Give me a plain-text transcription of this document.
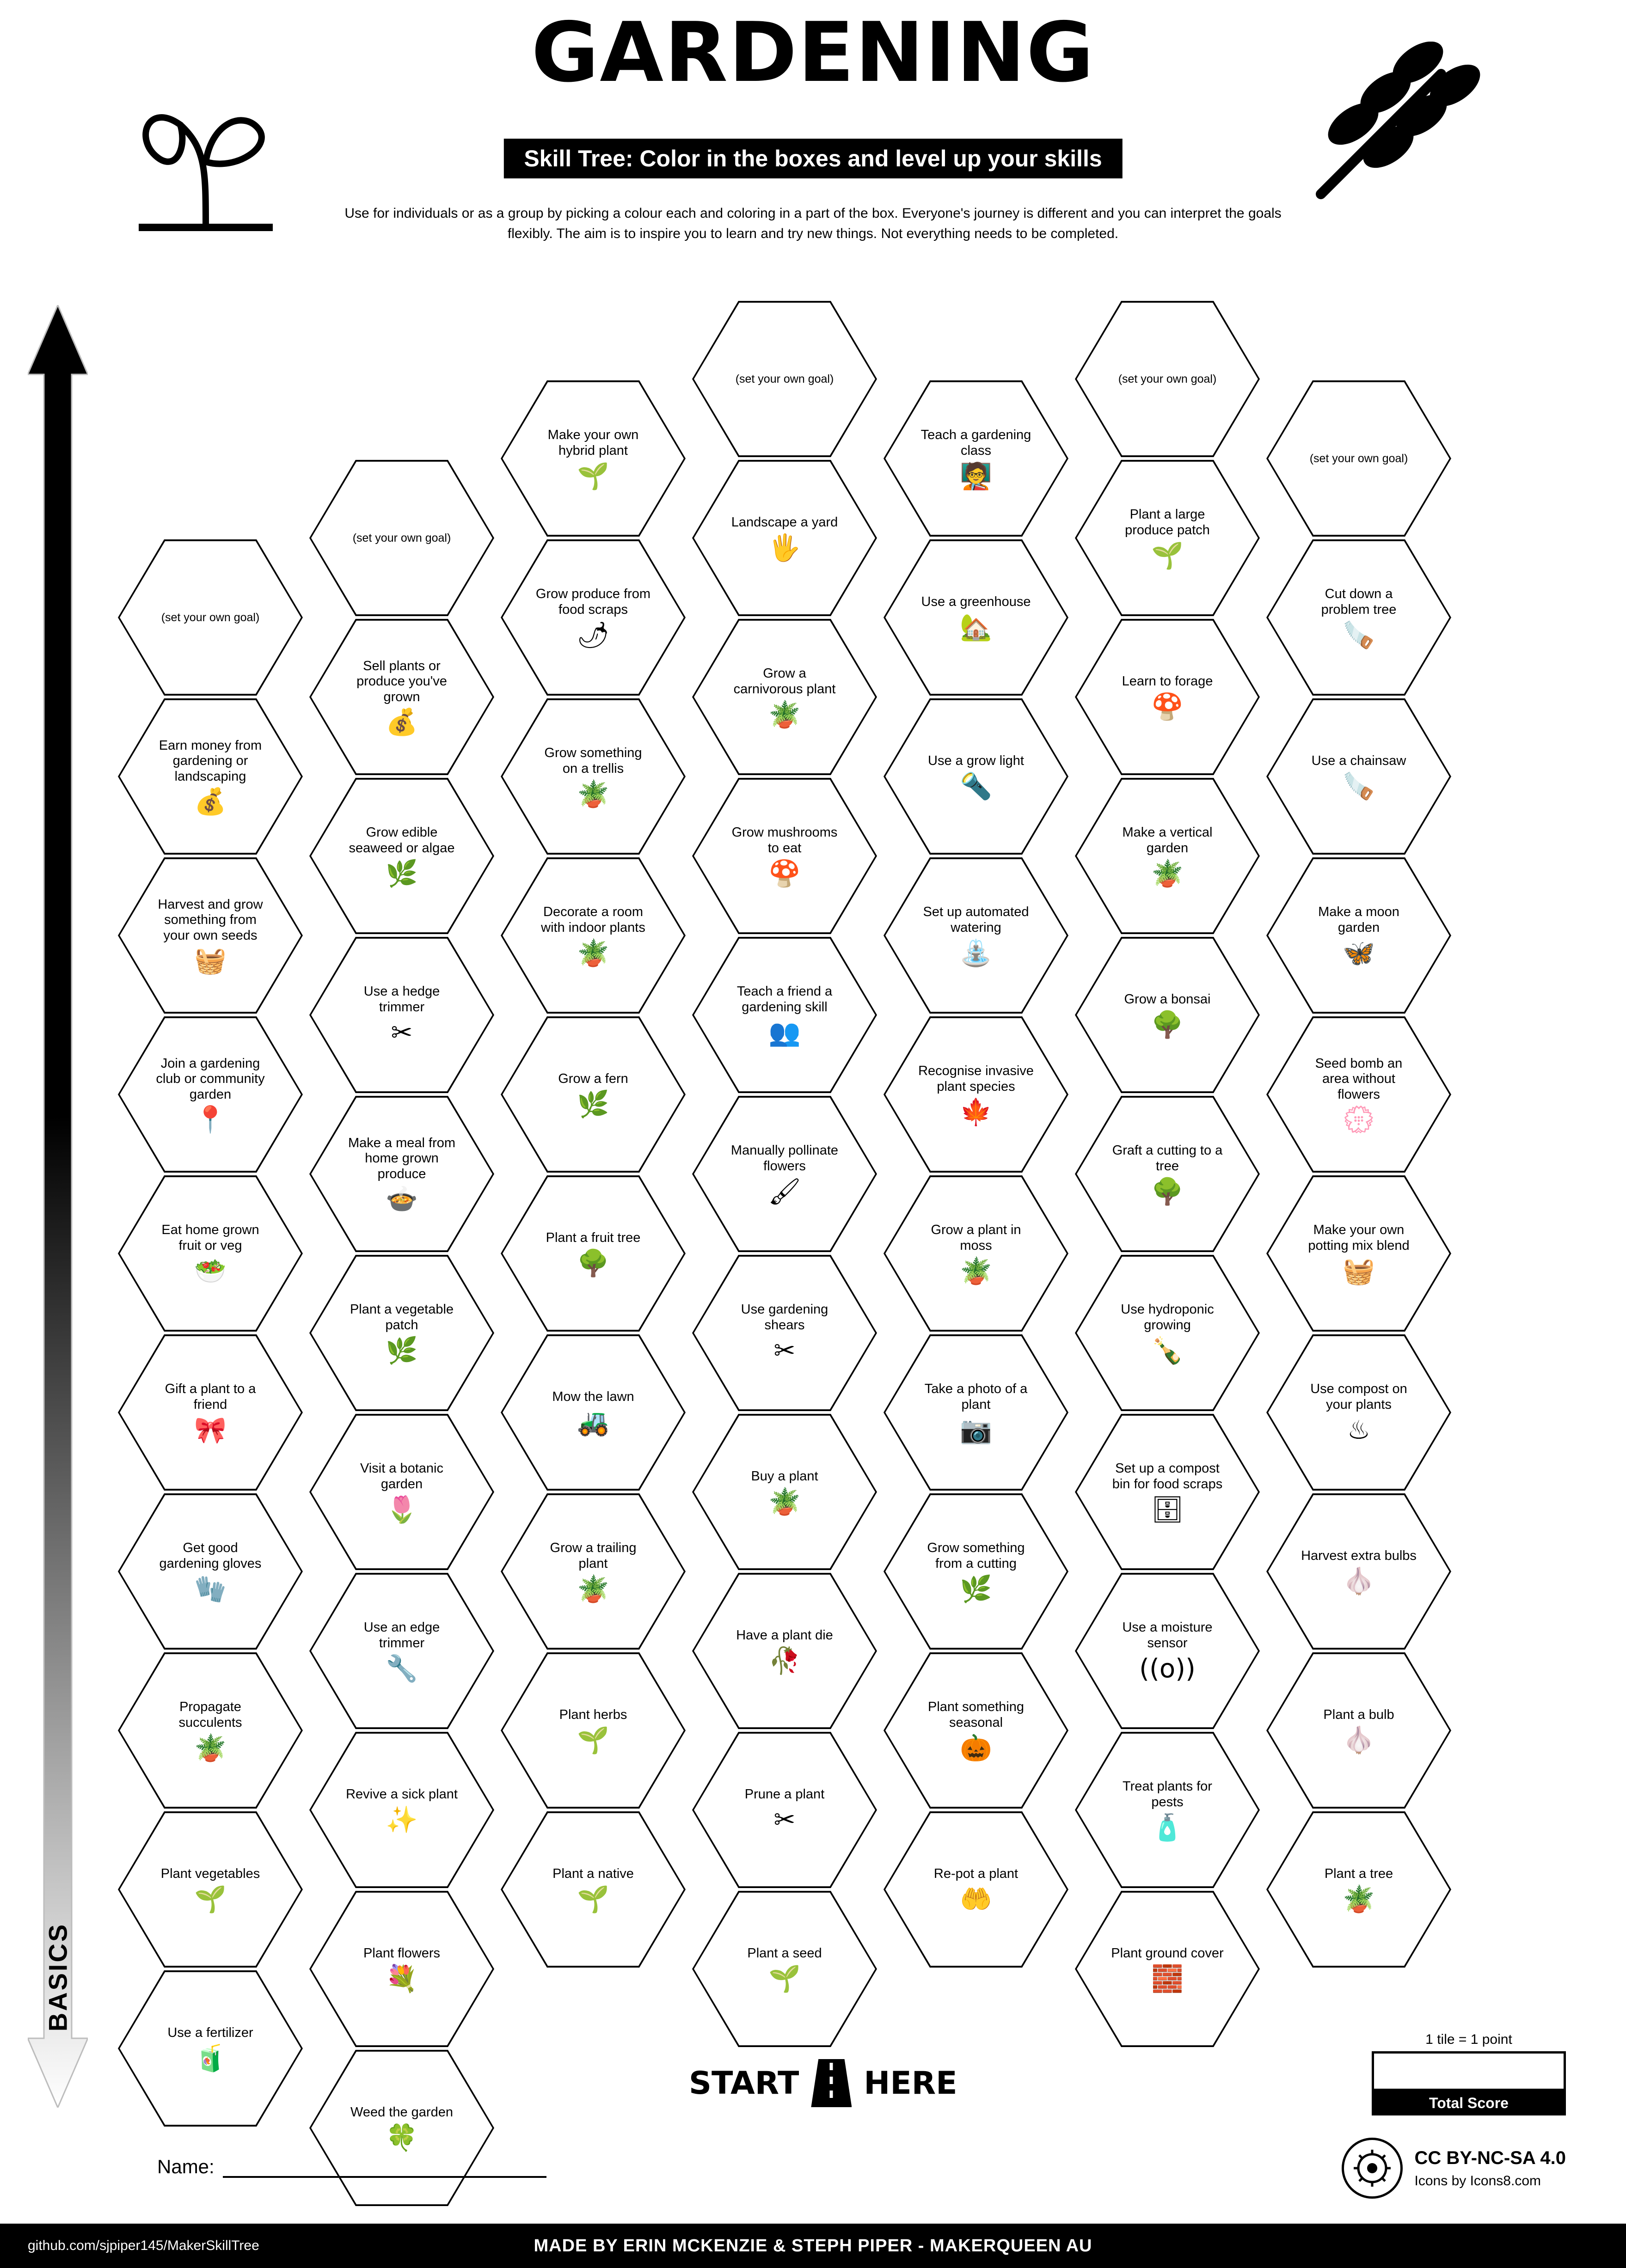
GARDENING
Skill Tree: Color in the boxes and level up your skills
Use for individuals or as a group by picking a colour each and coloring in a part of the box. Everyone's journey is different and you can interpret the goals flexibly. The aim is to inspire you to learn and try new things. Not everything needs to be completed.
ADVANCED
BASICS
(set your own goal)
Earn money from gardening or landscaping
💰
Harvest and grow something from your own seeds
🧺
Join a gardening club or community garden
📍
Eat home grown fruit or veg
🥗
Gift a plant to a friend
🎀
Get good gardening gloves
🧤
Propagate succulents
🪴
Plant vegetables
🌱
Use a fertilizer
🧃
(set your own goal)
Sell plants or produce you've grown
💰
Grow edible seaweed or algae
🌿
Use a hedge trimmer
✂
Make a meal from home grown produce
🍲
Plant a vegetable patch
🌿
Visit a botanic garden
🌷
Use an edge trimmer
🔧
Revive a sick plant
✨
Plant flowers
💐
Weed the garden
🍀
Make your own hybrid plant
🌱
Grow produce from food scraps
🌶
Grow something on a trellis
🪴
Decorate a room with indoor plants
🪴
Grow a fern
🌿
Plant a fruit tree
🌳
Mow the lawn
🚜
Grow a trailing plant
🪴
Plant herbs
🌱
Plant a native
🌱
(set your own goal)
Landscape a yard
🖐
Grow a carnivorous plant
🪴
Grow mushrooms to eat
🍄
Teach a friend a gardening skill
👥
Manually pollinate flowers
🖌
Use gardening shears
✂
Buy a plant
🪴
Have a plant die
🥀
Prune a plant
✂
Plant a seed
🌱
Teach a gardening class
🧑‍🏫
Use a greenhouse
🏡
Use a grow light
🔦
Set up automated watering
⛲
Recognise invasive plant species
🍁
Grow a plant in moss
🪴
Take a photo of a plant
📷
Grow something from a cutting
🌿
Plant something seasonal
🎃
Re-pot a plant
🤲
(set your own goal)
Plant a large produce patch
🌱
Learn to forage
🍄
Make a vertical garden
🪴
Grow a bonsai
🌳
Graft a cutting to a tree
🌳
Use hydroponic growing
🍾
Set up a compost bin for food scraps
🗄
Use a moisture sensor
((o))
Treat plants for pests
🧴
Plant ground cover
🧱
(set your own goal)
Cut down a problem tree
🪚
Use a chainsaw
🪚
Make a moon garden
🦋
Seed bomb an area without flowers
💮
Make your own potting mix blend
🧺
Use compost on your plants
♨
Harvest extra bulbs
🧄
Plant a bulb
🧄
Plant a tree
🪴
START HERE
1 tile = 1 point
Total Score
Name:	CC BY-NC-SA 4.0
Icons by Icons8.com
github.com/sjpiper145/MakerSkillTree	MADE BY ERIN MCKENZIE & STEPH PIPER - MAKERQUEEN AU
